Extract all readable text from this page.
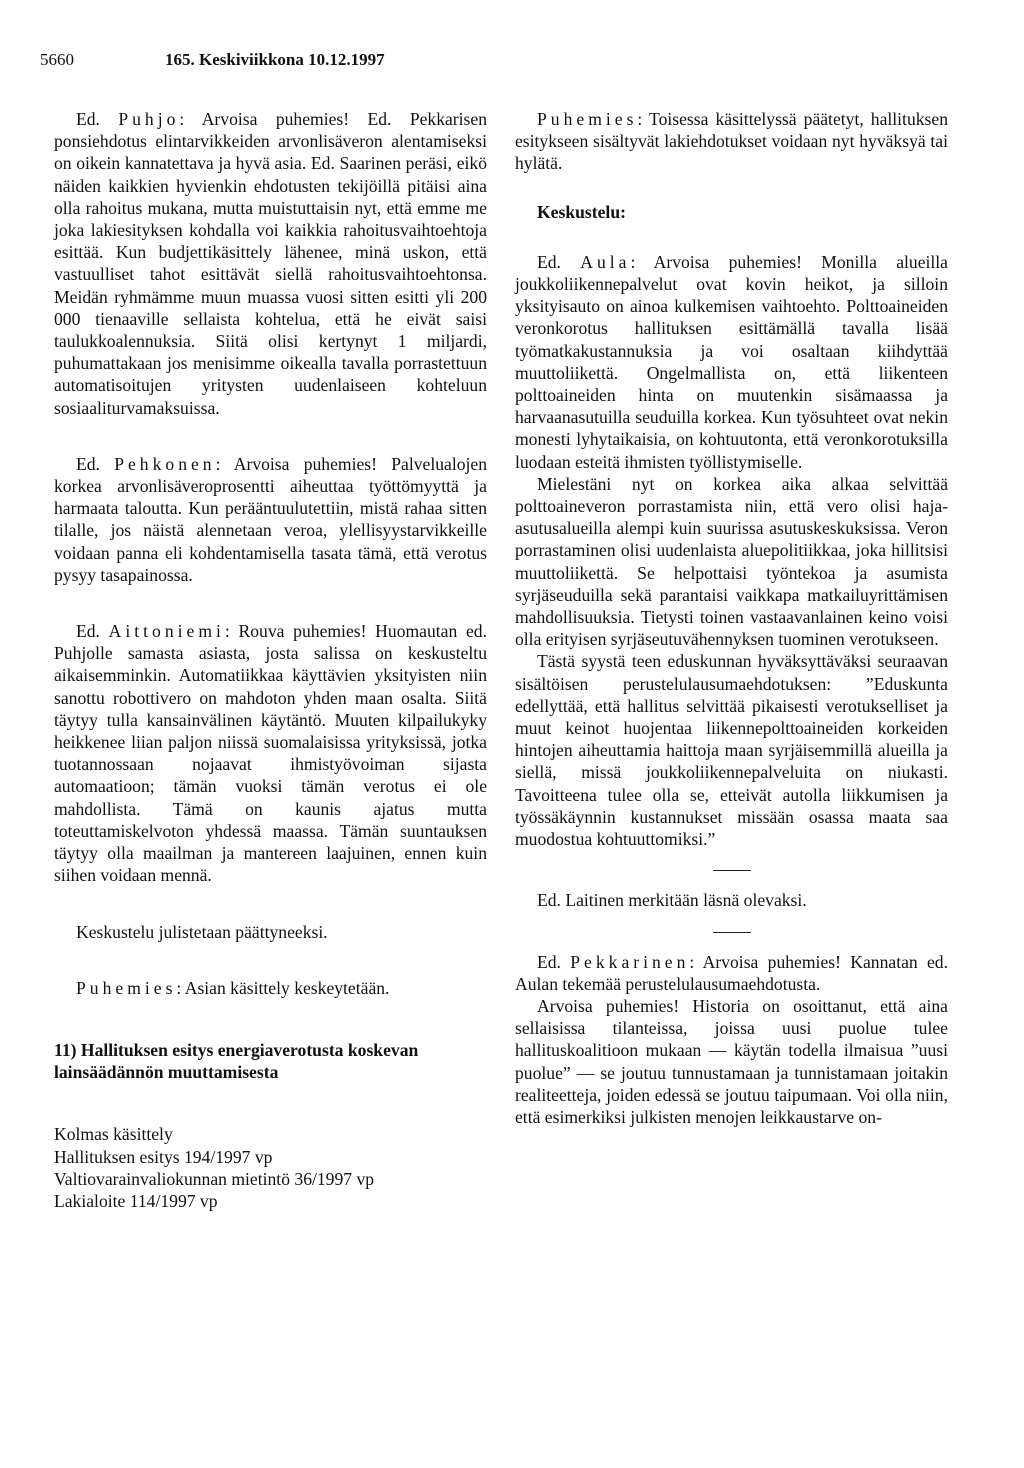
5660	165. Keskiviikkona 10.12.1997

Ed. Puhjo: Arvoisa puhemies! Ed. Pekkarisen ponsiehdotus elintarvikkeiden arvonlisäveron alentamiseksi on oikein kannatettava ja hyvä asia. Ed. Saarinen peräsi, eikö näiden kaikkien hyvienkin ehdotusten tekijöillä pitäisi aina olla rahoitus mukana, mutta muistuttaisin nyt, että emme me joka lakiesityksen kohdalla voi kaikkia rahoitusvaihtoehtoja esittää. Kun budjettikäsittely lähenee, minä uskon, että vastuulliset tahot esittävät siellä rahoitusvaihtoehtonsa. Meidän ryhmämme muun muassa vuosi sitten esitti yli 200 000 tienaaville sellaista kohtelua, että he eivät saisi taulukkoalennuksia. Siitä olisi kertynyt 1 miljardi, puhumattakaan jos menisimme oikealla tavalla porrastettuun automatisoitujen yritysten uudenlaiseen kohteluun sosiaaliturvamaksuissa.

Ed. Pehkonen: Arvoisa puhemies! Palvelualojen korkea arvonlisäveroprosentti aiheuttaa työttömyyttä ja harmaata taloutta. Kun perääntuulutettiin, mistä rahaa sitten tilalle, jos näistä alennetaan veroa, ylellisyystarvikkeille voidaan panna eli kohdentamisella tasata tämä, että verotus pysyy tasapainossa.

Ed. Aittoniemi: Rouva puhemies! Huomautan ed. Puhjolle samasta asiasta, josta salissa on keskusteltu aikaisemminkin. Automatiikkaa käyttävien yksityisten niin sanottu robottivero on mahdoton yhden maan osalta. Siitä täytyy tulla kansainvälinen käytäntö. Muuten kilpailukyky heikkenee liian paljon niissä suomalaisissa yrityksissä, jotka tuotannossaan nojaavat ihmistyövoiman sijasta automaatioon; tämän vuoksi tämän verotus ei ole mahdollista. Tämä on kaunis ajatus mutta toteuttamiskelvoton yhdessä maassa. Tämän suuntauksen täytyy olla maailman ja mantereen laajuinen, ennen kuin siihen voidaan mennä.

Keskustelu julistetaan päättyneeksi.

Puhemies: Asian käsittely keskeytetään.

11) Hallituksen esitys energiaverotusta koskevan lainsäädännön muuttamisesta

Kolmas käsittely
Hallituksen esitys 194/1997 vp
Valtiovarainvaliokunnan mietintö 36/1997 vp
Lakialoite 114/1997 vp

Puhemies: Toisessa käsittelyssä päätetyt, hallituksen esitykseen sisältyvät lakiehdotukset voidaan nyt hyväksyä tai hylätä.

Keskustelu:

Ed. Aula: Arvoisa puhemies! Monilla alueilla joukkoliikennepalvelut ovat kovin heikot, ja silloin yksityisauto on ainoa kulkemisen vaihtoehto. Polttoaineiden veronkorotus hallituksen esittämällä tavalla lisää työmatkakustannuksia ja voi osaltaan kiihdyttää muuttoliikettä. Ongelmallista on, että liikenteen polttoaineiden hinta on muutenkin sisämaassa ja harvaanasutuilla seuduilla korkea. Kun työsuhteet ovat nekin monesti lyhytaikaisia, on kohtuutonta, että veronkorotuksilla luodaan esteitä ihmisten työllistymiselle.

Mielestäni nyt on korkea aika alkaa selvittää polttoaineveron porrastamista niin, että vero olisi haja-asutusalueilla alempi kuin suurissa asutuskeskuksissa. Veron porrastaminen olisi uudenlaista aluepolitiikkaa, joka hillitsisi muuttoliikettä. Se helpottaisi työntekoa ja asumista syrjäseuduilla sekä parantaisi vaikkapa matkailuyrittämisen mahdollisuuksia. Tietysti toinen vastaavanlainen keino voisi olla erityisen syrjäseutuvähennyksen tuominen verotukseen.

Tästä syystä teen eduskunnan hyväksyttäväksi seuraavan sisältöisen perustelulausumaehdotuksen: ”Eduskunta edellyttää, että hallitus selvittää pikaisesti verotukselliset ja muut keinot huojentaa liikennepolttoaineiden korkeiden hintojen aiheuttamia haittoja maan syrjäisemmillä alueilla ja siellä, missä joukkoliikennepalveluita on niukasti. Tavoitteena tulee olla se, etteivät autolla liikkumisen ja työssäkäynnin kustannukset missään osassa maata saa muodostua kohtuuttomiksi.”

Ed. Laitinen merkitään läsnä olevaksi.

Ed. Pekkarinen: Arvoisa puhemies! Kannatan ed. Aulan tekemää perustelulausumaehdotusta.

Arvoisa puhemies! Historia on osoittanut, että aina sellaisissa tilanteissa, joissa uusi puolue tulee hallituskoalitioon mukaan — käytän todella ilmaisua ”uusi puolue” — se joutuu tunnustamaan ja tunnistamaan joitakin realiteetteja, joiden edessä se joutuu taipumaan. Voi olla niin, että esimerkiksi julkisten menojen leikkaustarve on-
